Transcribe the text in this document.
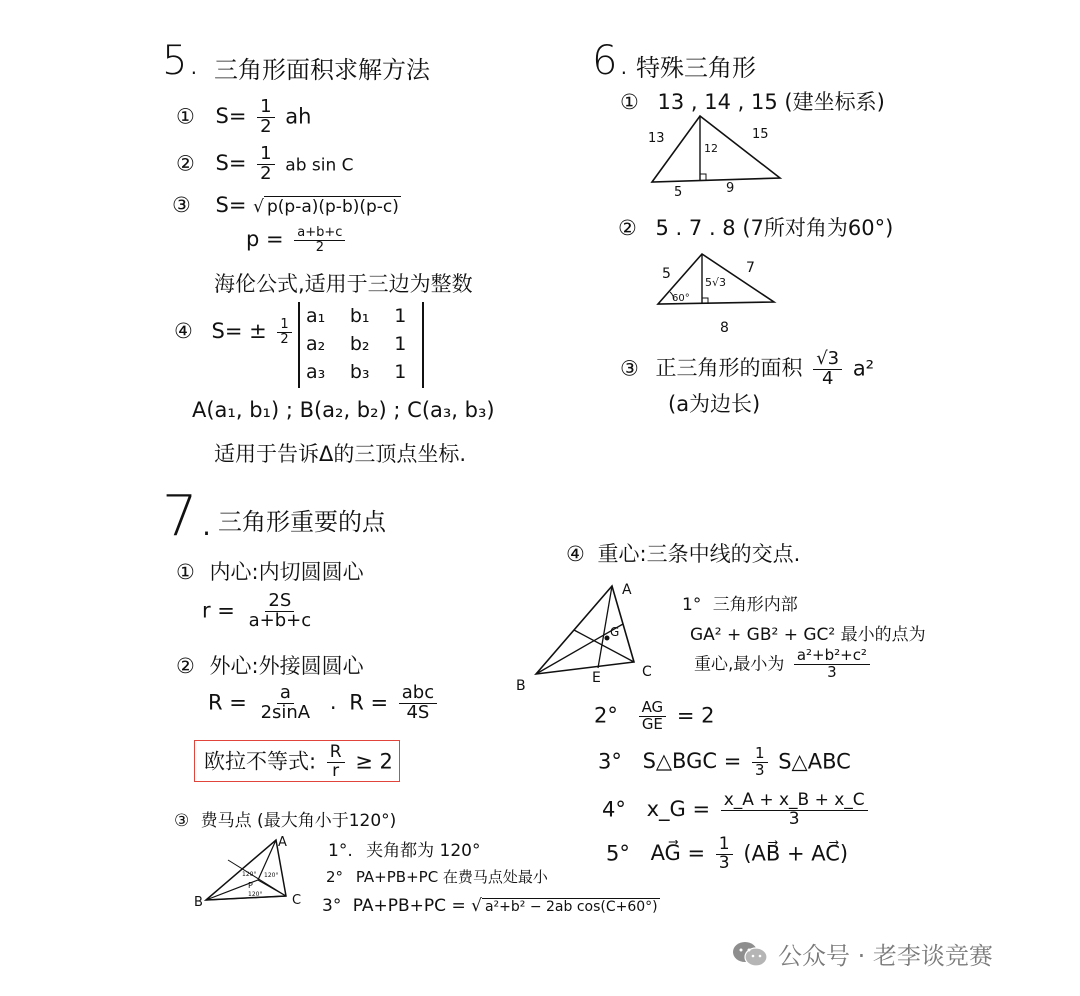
5. 三角形面积求解方法
① $S= \frac{1}{2}$ ah
② $S= \frac{1}{2}$ ab sin C
③ S= √ p(p-a)(p-b)(p-c)
$p = \frac{a+b+c}{2}$
海伦公式,适用于三边为整数
④ $S= \pm \frac{1}{2}$
a₁	b₁	1
a₂	b₂	1
a₃	b₃	1
A(a₁, b₁) ; B(a₂, b₂) ; C(a₃, b₃)
适用于告诉Δ的三顶点坐标.
6. 特殊三角形
① 13 , 14 , 15 (建坐标系)
13	15
12
5	9
② 5 . 7 . 8 (7所对角为60°)
5	7
5√3
60°
8
③ 正三角形的面积 $\frac{√3}{4} a^2$
(a为边长)
7. 三角形重要的点
① 内心:内切圆圆心
$r = \frac{2S}{a+b+c}$
② 外心:外接圆圆心
$R = \frac{a}{2\sin A}$ . $R = \frac{\text{abc}}{4S}$
欧拉不等式: $\frac{R}{r} \ge 2$
③ 费马点 (最大角小于120°)
B
A
C
P
120° 120°
120°
1°. 夹角都为 120°
2° PA+PB+PC 在费马点处最小
3° PA+PB+PC = √ a²+b² − 2ab cos(C+60°)
④ 重心:三条中线的交点.
A
B
C
E
G
1° 三角形内部
GA² + GB² + GC² 最小的点为
重心,最小为 $\frac{\text{a²+b²+c²}}{3}$
$2^\circ \frac{AG}{GE} = 2$
3° S△BGC = $\frac{1}{3}$ S△ABC
4° x_G = $\frac{x\_A + x\_B + x\_C}{3}$
5° AG⃗ = $\frac{1}{3}$ (AB⃗ + AC⃗)
公众号 · 老李谈竞赛
